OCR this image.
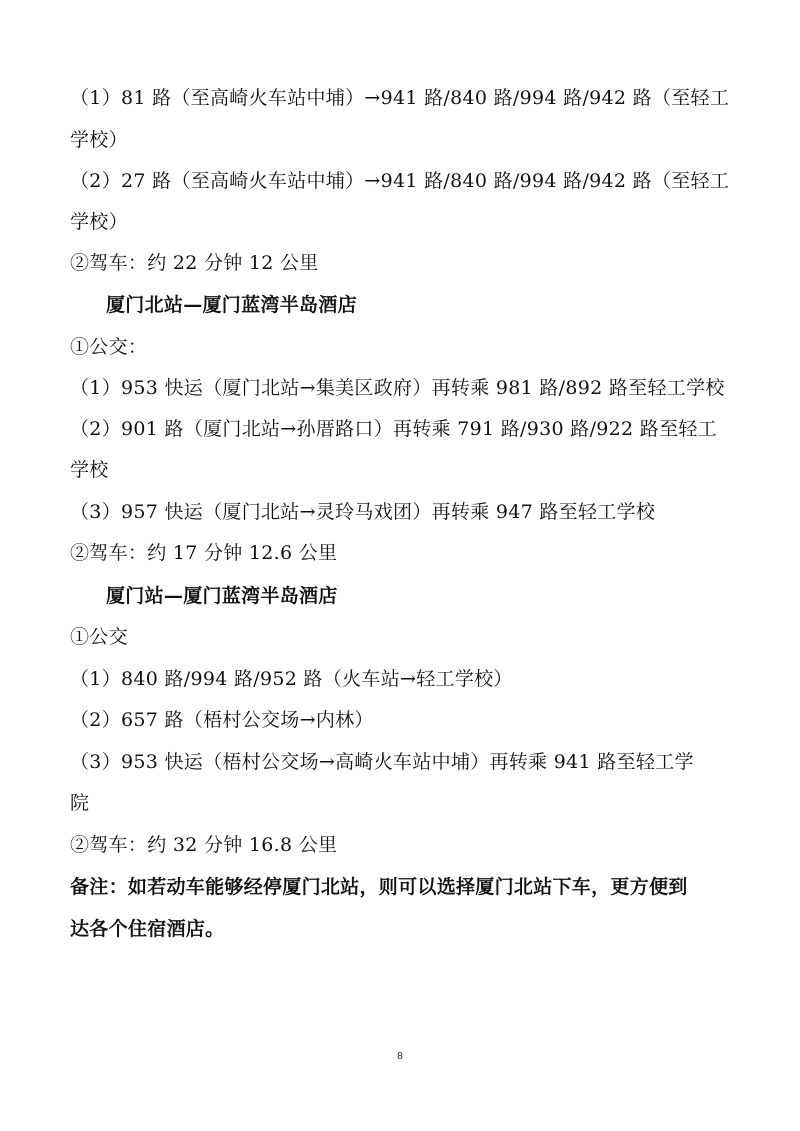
（1）81 路（至高崎火车站中埔）→941 路/840 路/994 路/942 路（至轻工
学校）
（2）27 路（至高崎火车站中埔）→941 路/840 路/994 路/942 路（至轻工
学校）
②驾车：约 22 分钟 12 公里
厦门北站—厦门蓝湾半岛酒店
①公交：
（1）953 快运（厦门北站→集美区政府）再转乘 981 路/892 路至轻工学校
（2）901 路（厦门北站→孙厝路口）再转乘 791 路/930 路/922 路至轻工
学校
（3）957 快运（厦门北站→灵玲马戏团）再转乘 947 路至轻工学校
②驾车：约 17 分钟 12.6 公里
厦门站—厦门蓝湾半岛酒店
①公交
（1）840 路/994 路/952 路（火车站→轻工学校）
（2）657 路（梧村公交场→内林）
（3）953 快运（梧村公交场→高崎火车站中埔）再转乘 941 路至轻工学
院
②驾车：约 32 分钟 16.8 公里
备注：如若动车能够经停厦门北站，则可以选择厦门北站下车，更方便到
达各个住宿酒店。
8
